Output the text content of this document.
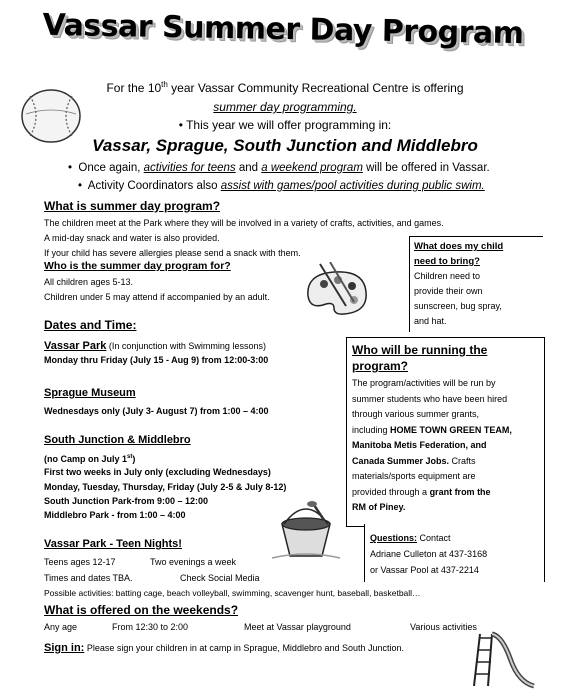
Vassar Summer Day Program
For the 10th year Vassar Community Recreational Centre is offering
summer day programming.
• This year we will offer programming in:
Vassar, Sprague, South Junction and Middlebro
•  Once again, activities for teens and a weekend program will be offered in Vassar.
•  Activity Coordinators also assist with games/pool activities during public swim.
What is summer day program?
The children meet at the Park where they will be involved in a variety of crafts, activities, and games.
A mid-day snack and water is also provided.
If your child has severe allergies please send a snack with them.
Who is the summer day program for?
All children ages 5-13.
Children under 5 may attend if accompanied by an adult.
What does my child
need to bring?
Children need to
provide their own
sunscreen, bug spray,
and hat.
Dates and Time:
Vassar Park (In conjunction with Swimming lessons)
Monday thru Friday (July 15 - Aug 9) from 12:00-3:00
Sprague Museum
Wednesdays only (July 3- August 7) from 1:00 – 4:00
South Junction & Middlebro
(no Camp on July 1st)
First two weeks in July only (excluding Wednesdays)
Monday, Tuesday, Thursday, Friday (July 2-5 & July 8-12)
South Junction Park-from 9:00 – 12:00
Middlebro Park - from 1:00 – 4:00
Who will be running the
program?
The program/activities will be run by
summer students who have been hired
through various summer grants,
including HOME TOWN GREEN TEAM,
Manitoba Metis Federation, and
Canada Summer Jobs. Crafts
materials/sports equipment are
provided through a grant from the
RM of Piney.
Questions: Contact
Adriane Culleton at 437-3168
or Vassar Pool at 437-2214
Vassar Park - Teen Nights!
Teens ages 12-17	Two evenings a week
Times and dates TBA.	Check Social Media
Possible activities: batting cage, beach volleyball, swimming, scavenger hunt, baseball, basketball…
What is offered on the weekends?
Any age	From 12:30 to 2:00	Meet at Vassar playground	Various activities
Sign in: Please sign your children in at camp in Sprague, Middlebro and South Junction.
